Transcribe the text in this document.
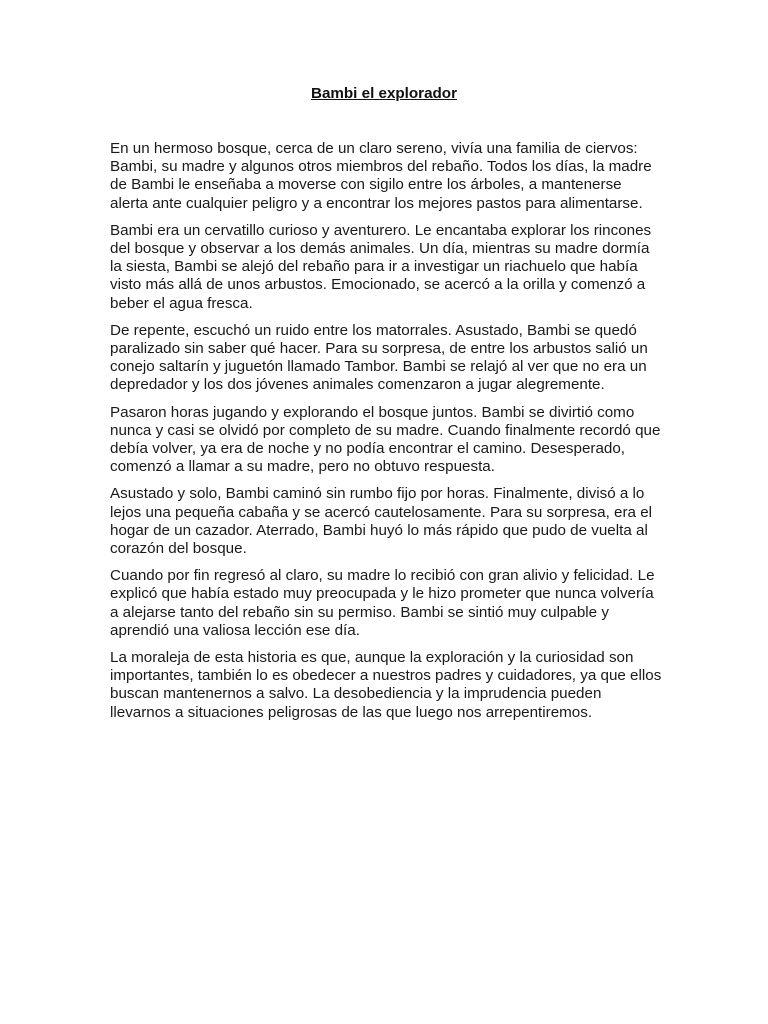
Bambi el explorador

En un hermoso bosque, cerca de un claro sereno, vivía una familia de ciervos: Bambi, su madre y algunos otros miembros del rebaño. Todos los días, la madre de Bambi le enseñaba a moverse con sigilo entre los árboles, a mantenerse alerta ante cualquier peligro y a encontrar los mejores pastos para alimentarse.

Bambi era un cervatillo curioso y aventurero. Le encantaba explorar los rincones del bosque y observar a los demás animales. Un día, mientras su madre dormía la siesta, Bambi se alejó del rebaño para ir a investigar un riachuelo que había visto más allá de unos arbustos. Emocionado, se acercó a la orilla y comenzó a beber el agua fresca.

De repente, escuchó un ruido entre los matorrales. Asustado, Bambi se quedó paralizado sin saber qué hacer. Para su sorpresa, de entre los arbustos salió un conejo saltarín y juguetón llamado Tambor. Bambi se relajó al ver que no era un depredador y los dos jóvenes animales comenzaron a jugar alegremente.

Pasaron horas jugando y explorando el bosque juntos. Bambi se divirtió como nunca y casi se olvidó por completo de su madre. Cuando finalmente recordó que debía volver, ya era de noche y no podía encontrar el camino. Desesperado, comenzó a llamar a su madre, pero no obtuvo respuesta.

Asustado y solo, Bambi caminó sin rumbo fijo por horas. Finalmente, divisó a lo lejos una pequeña cabaña y se acercó cautelosamente. Para su sorpresa, era el hogar de un cazador. Aterrado, Bambi huyó lo más rápido que pudo de vuelta al corazón del bosque.

Cuando por fin regresó al claro, su madre lo recibió con gran alivio y felicidad. Le explicó que había estado muy preocupada y le hizo prometer que nunca volvería a alejarse tanto del rebaño sin su permiso. Bambi se sintió muy culpable y aprendió una valiosa lección ese día.

La moraleja de esta historia es que, aunque la exploración y la curiosidad son importantes, también lo es obedecer a nuestros padres y cuidadores, ya que ellos buscan mantenernos a salvo. La desobediencia y la imprudencia pueden llevarnos a situaciones peligrosas de las que luego nos arrepentiremos.
